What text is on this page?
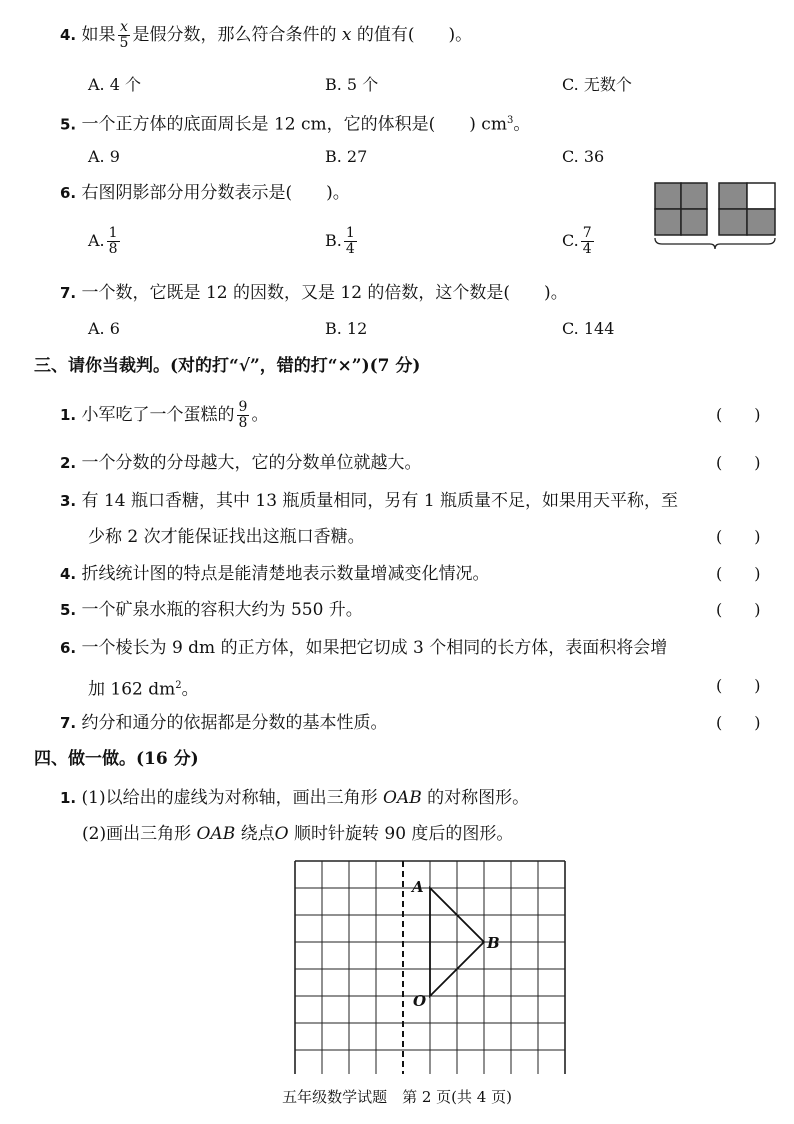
4. 如果 $\frac{x}{5}$ 是假分数，那么符合条件的 x 的值有(　　)。
A. 4 个	B. 5 个	C. 无数个
5. 一个正方体的底面周长是 12 cm，它的体积是(　　) $cm^3$。
A. 9	B. 27	C. 36
6. 右图阴影部分用分数表示是(　　)。
A. $\frac{1}{8}$	B. $\frac{1}{4}$	C. $\frac{7}{4}$
7. 一个数，它既是 12 的因数，又是 12 的倍数，这个数是(　　)。
A. 6	B. 12	C. 144
三、请你当裁判。(对的打“√”，错的打“×”)(7 分)
1. 小军吃了一个蛋糕的 $\frac{9}{8}$ 。	(　　)
2. 一个分数的分母越大，它的分数单位就越大。	(　　)
3. 有 14 瓶口香糖，其中 13 瓶质量相同，另有 1 瓶质量不足，如果用天平称，至
少称 2 次才能保证找出这瓶口香糖。	(　　)
4. 折线统计图的特点是能清楚地表示数量增减变化情况。	(　　)
5. 一个矿泉水瓶的容积大约为 550 升。	(　　)
6. 一个棱长为 9 dm 的正方体，如果把它切成 3 个相同的长方体，表面积将会增
加 162 $dm^2$。	(　　)
7. 约分和通分的依据都是分数的基本性质。	(　　)
四、做一做。(16 分)
1. (1)以给出的虚线为对称轴，画出三角形 OAB 的对称图形。
(2)画出三角形 OAB 绕点O 顺时针旋转 90 度后的图形。
A
B
O
五年级数学试题　第 2 页(共 4 页)
